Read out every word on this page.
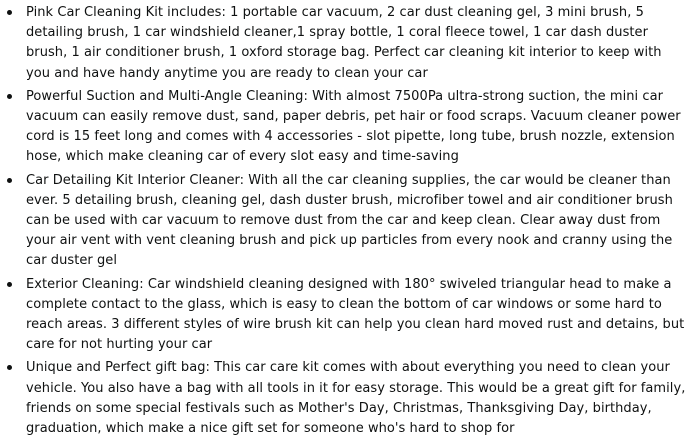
Pink Car Cleaning Kit includes: 1 portable car vacuum, 2 car dust cleaning gel, 3 mini brush, 5 detailing brush, 1 car windshield cleaner,1 spray bottle, 1 coral fleece towel, 1 car dash duster brush, 1 air conditioner brush, 1 oxford storage bag. Perfect car cleaning kit interior to keep with you and have handy anytime you are ready to clean your car
Powerful Suction and Multi-Angle Cleaning: With almost 7500Pa ultra-strong suction, the mini car vacuum can easily remove dust, sand, paper debris, pet hair or food scraps. Vacuum cleaner power cord is 15 feet long and comes with 4 accessories - slot pipette, long tube, brush nozzle, extension hose, which make cleaning car of every slot easy and time-saving
Car Detailing Kit Interior Cleaner: With all the car cleaning supplies, the car would be cleaner than ever. 5 detailing brush, cleaning gel, dash duster brush, microfiber towel and air conditioner brush can be used with car vacuum to remove dust from the car and keep clean. Clear away dust from your air vent with vent cleaning brush and pick up particles from every nook and cranny using the car duster gel
Exterior Cleaning: Car windshield cleaning designed with 180° swiveled triangular head to make a complete contact to the glass, which is easy to clean the bottom of car windows or some hard to reach areas. 3 different styles of wire brush kit can help you clean hard moved rust and detains, but care for not hurting your car
Unique and Perfect gift bag: This car care kit comes with about everything you need to clean your vehicle. You also have a bag with all tools in it for easy storage. This would be a great gift for family, friends on some special festivals such as Mother's Day, Christmas, Thanksgiving Day, birthday, graduation, which make a nice gift set for someone who's hard to shop for
